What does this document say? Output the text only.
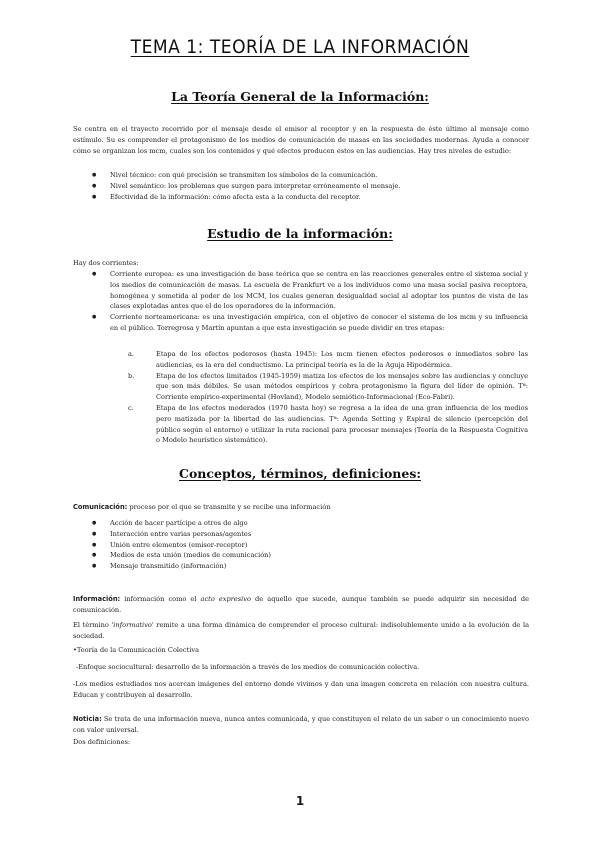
TEMA 1: TEORÍA DE LA INFORMACIÓN
La Teoría General de la Información:
Se centra en el trayecto recorrido por el mensaje desde el emisor al receptor y en la respuesta de éste último al mensaje como estímulo. Su es comprender el protagonismo de los medios de comunicación de masas en las sociedades modernas. Ayuda a conocer cómo se organizan los mcm, cuales son los contenidos y qué efectos producen estos en las audiencias. Hay tres niveles de estudio:
● Nivel técnico: con qué precisión se transmiten los símbolos de la comunicación.
● Nivel semántico: los problemas que surgen para interpretar erróneamente el mensaje.
● Efectividad de la información: cómo afecta esta a la conducta del receptor.
Estudio de la información:
Hay dos corrientes:
● Corriente europea: es una investigación de base teórica que se centra en las reacciones generales entre el sistema social y los medios de comunicación de masas. La escuela de Frankfurt ve a los individuos como una masa social pasiva receptora, homogénea y sometida al poder de los MCM, los cuales generan desigualdad social al adoptar los puntos de vista de las clases explotadas antes que el de los operadores de la información.
● Corriente norteamericana: es una investigación empírica, con el objetivo de conocer el sistema de los mcm y su influencia en el público. Torregrosa y Martín apuntan a que esta investigación se puede dividir en tres etapas:
a.	Etapa de los efectos poderosos (hasta 1945): Los mcm tienen efectos poderosos e inmediatos sobre las audiencias, es la era del conductismo. La principal teoría es la de la Aguja Hipodérmica.
b.	Etapa de los efectos limitados (1945-1959) matiza los efectos de los mensajes sobre las audiencias y concluye que son más débiles. Se usan métodos empíricos y cobra protagonismo la figura del líder de opinión. Tª: Corriente empírico-experimental (Hovland), Modelo semiótico-Informacional (Eco-Fabri).
c.	Etapa de los efectos moderados (1970 hasta hoy) se regresa a la idea de una gran influencia de los medios pero matizada por la libertad de las audiencias. Tª: Agenda Setting y Espiral de silencio (percepción del público según el entorno) o utilizar la ruta racional para procesar mensajes (Teoría de la Respuesta Cognitiva o Modelo heurístico sistemático).
Conceptos, términos, definiciones:
Comunicación: proceso por el que se transmite y se recibe una información
● Acción de hacer partícipe a otros de algo
● Interacción entre varias personas/agentes
● Unión entre elementos (emisor-receptor)
● Medios de esta unión (medios de comunicación)
● Mensaje transmitido (información)
Información: información como el acto expresivo de aquello que sucede, aunque también se puede adquirir sin necesidad de comunicación.
El término 'informativo' remite a una forma dinámica de comprender el proceso cultural: indisolublemente unido a la evolución de la sociedad.
•Teoría de la Comunicación Colectiva
-Enfoque sociocultural: desarrollo de la información a través de los medios de comunicación colectiva.
-Los medios estudiados nos acercan imágenes del entorno donde vivimos y dan una imagen concreta en relación con nuestra cultura. Educan y contribuyen al desarrollo.
Noticia: Se trata de una información nueva, nunca antes comunicada, y que constituyen el relato de un saber o un conocimiento nuevo con valor universal.
Dos definiciones:
1
